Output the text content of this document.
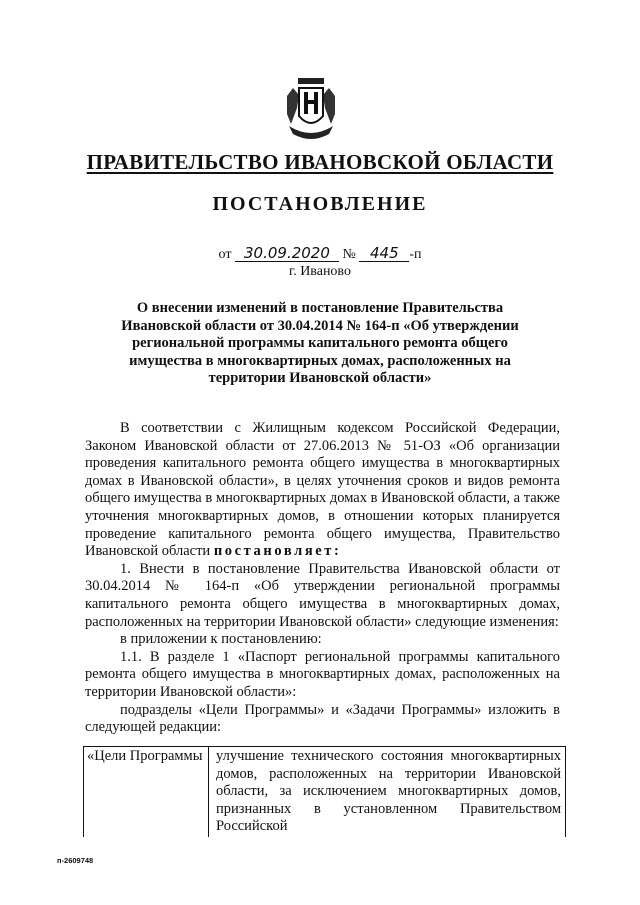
ПРАВИТЕЛЬСТВО ИВАНОВСКОЙ ОБЛАСТИ
ПОСТАНОВЛЕНИЕ
от 30.09.2020 № 445 -п
г. Иваново
О внесении изменений в постановление Правительства Ивановской области от 30.04.2014 № 164-п «Об утверждении региональной программы капитального ремонта общего имущества в многоквартирных домах, расположенных на территории Ивановской области»

В соответствии с Жилищным кодексом Российской Федерации, Законом Ивановской области от 27.06.2013 № 51-ОЗ «Об организации проведения капитального ремонта общего имущества в многоквартирных домах в Ивановской области», в целях уточнения сроков и видов ремонта общего имущества в многоквартирных домах в Ивановской области, а также уточнения многоквартирных домов, в отношении которых планируется проведение капитального ремонта общего имущества, Правительство Ивановской области постановляет:

1. Внести в постановление Правительства Ивановской области от 30.04.2014 № 164-п «Об утверждении региональной программы капитального ремонта общего имущества в многоквартирных домах, расположенных на территории Ивановской области» следующие изменения:

в приложении к постановлению:

1.1. В разделе 1 «Паспорт региональной программы капитального ремонта общего имущества в многоквартирных домах, расположенных на территории Ивановской области»:

подразделы «Цели Программы» и «Задачи Программы» изложить в следующей редакции:

«Цели Программы улучшение технического состояния многоквартирных домов, расположенных на территории Ивановской области, за исключением многоквартирных домов, признанных в установленном Правительством Российской
п-2609748
